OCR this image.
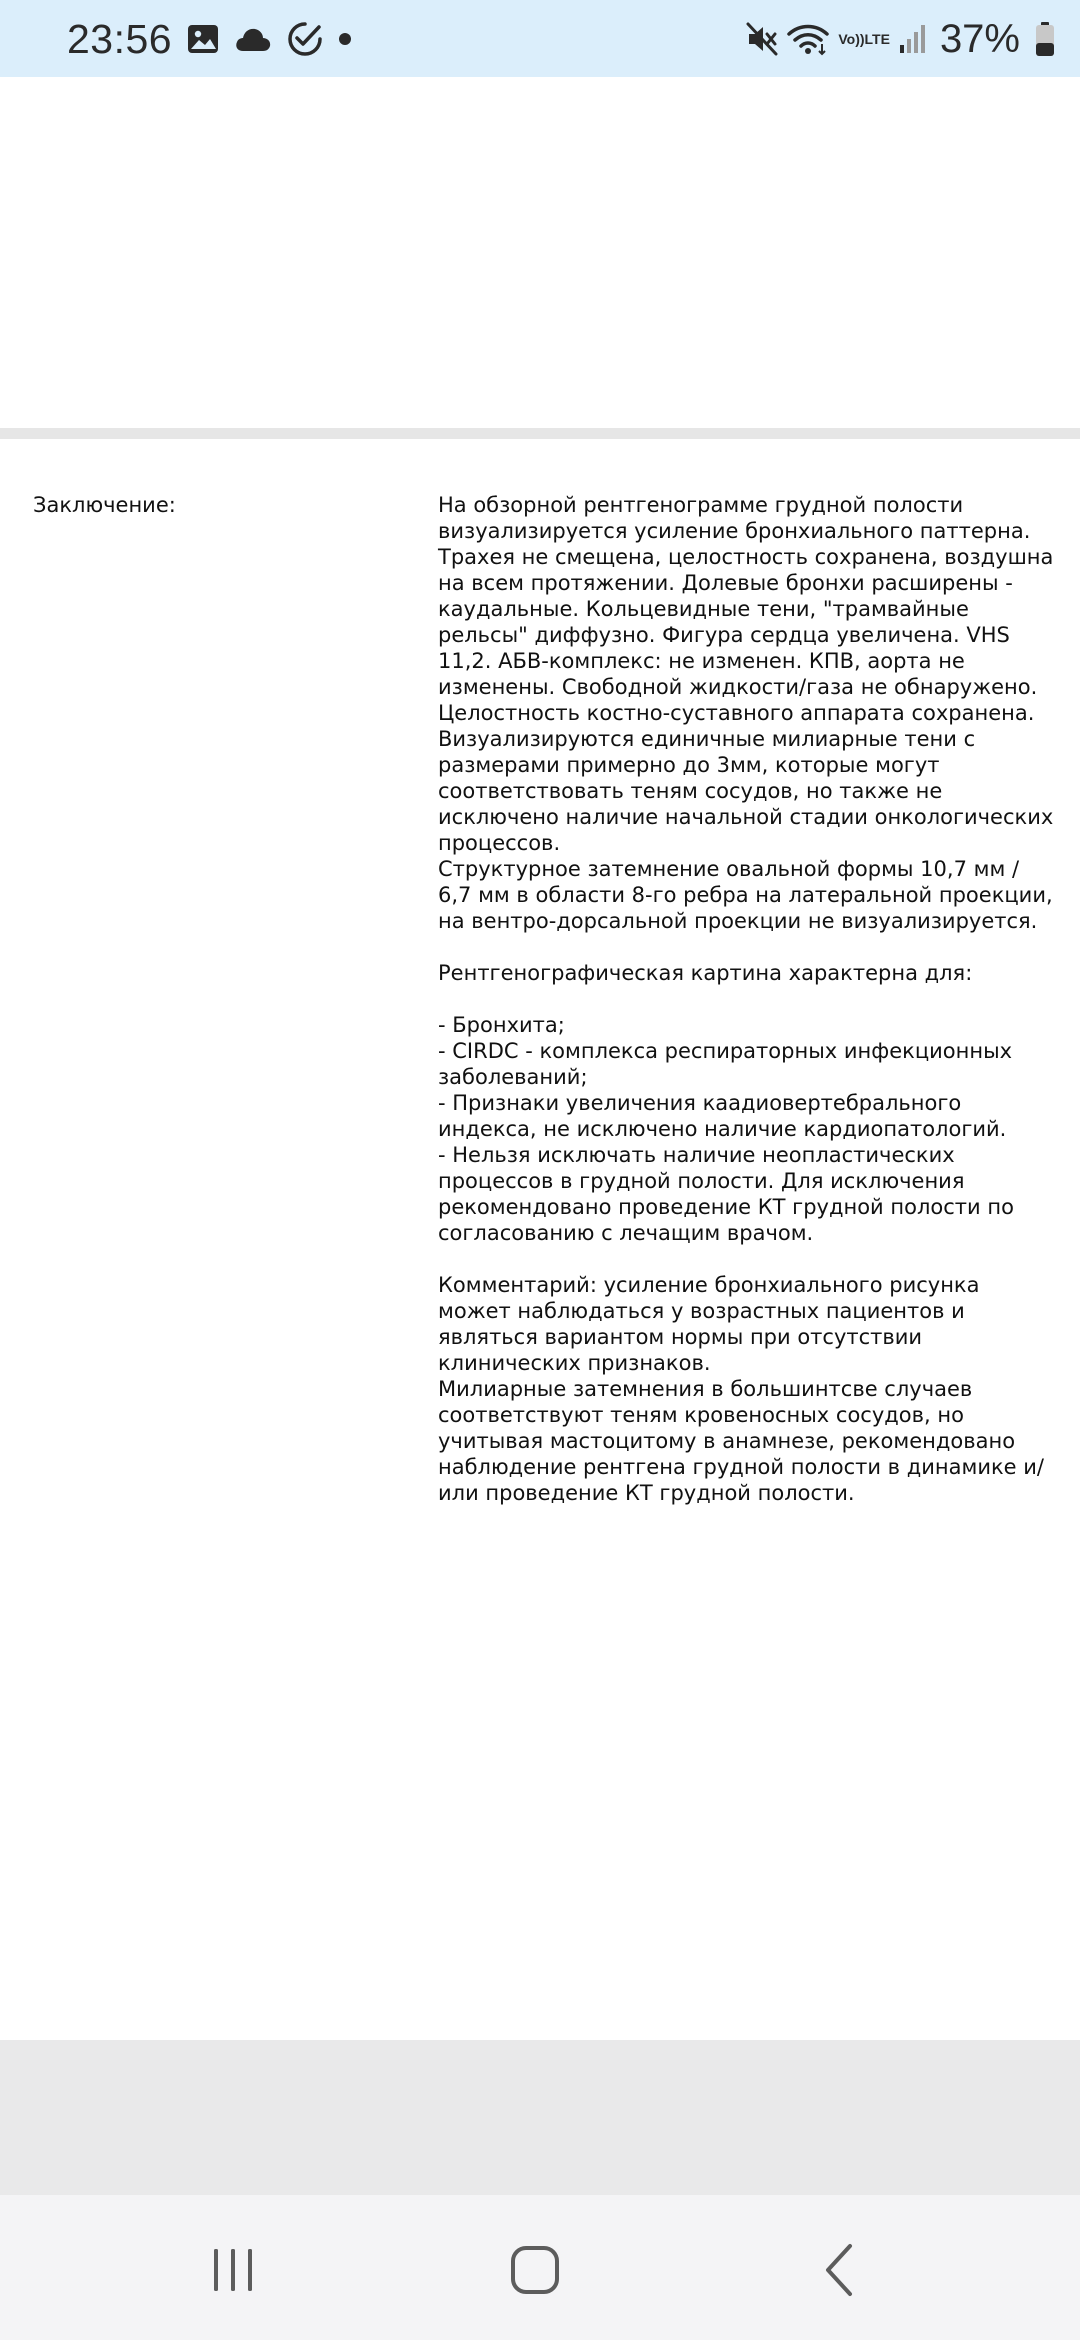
23:56	Vo)) LTE 37%
Заключение:	На обзорной рентгенограмме грудной полости визуализируется усиление бронхиального паттерна.

Трахея не смещена, целостность сохранена, воздушна на всем протяжении. Долевые бронхи расширены - каудальные. Кольцевидные тени, "трамвайные рельсы" диффузно. Фигура сердца увеличена. VHS 11,2. АБВ-комплекс: не изменен. КПВ, аорта не изменены. Свободной жидкости/газа не обнаружено.

Целостность костно-суставного аппарата сохранена.

Визуализируются единичные милиарные тени с размерами примерно до 3мм, которые могут соответствовать теням сосудов, но также не исключено наличие начальной стадии онкологических процессов.

Структурное затемнение овальной формы 10,7 мм / 6,7 мм в области 8-го ребра на латеральной проекции, на вентро-дорсальной проекции не визуализируется.

Рентгенографическая картина характерна для:

- Бронхита;

- CIRDC - комплекса респираторных инфекционных заболеваний;

- Признаки увеличения каадиовертебрального индекса, не исключено наличие кардиопатологий.

- Нельзя исключать наличие неопластических процессов в грудной полости. Для исключения рекомендовано проведение КТ грудной полости по согласованию с лечащим врачом.

Комментарий: усиление бронхиального рисунка может наблюдаться у возрастных пациентов и являться вариантом нормы при отсутствии клинических признаков.

Милиарные затемнения в большинтсве случаев соответствуют теням кровеносных сосудов, но учитывая мастоцитому в анамнезе, рекомендовано наблюдение рентгена грудной полости в динамике и/или проведение КТ грудной полости.
